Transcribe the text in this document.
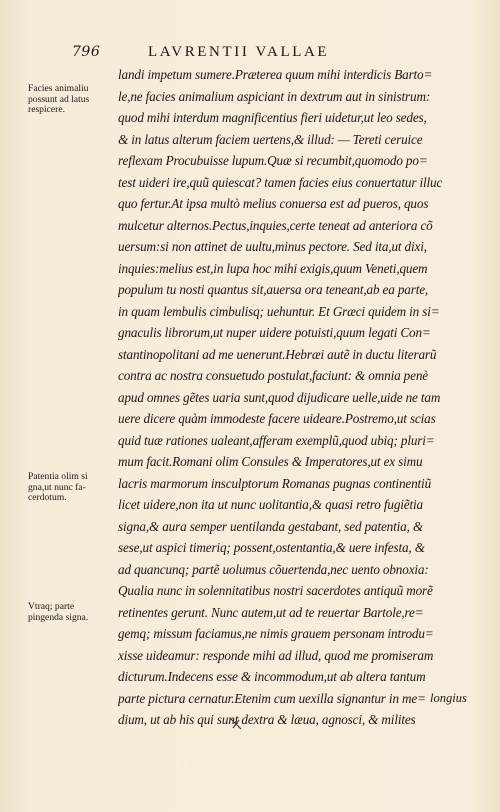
796	LAVRENTII VALLAE
Facies animaliu
possunt ad latus
respicere.
Patentia olim si
gna,ut nunc fa-
cerdotum.
Vtraq; parte
pingenda signa.
landi impetum sumere.Præterea quum mihi interdicis Barto=
le,ne facies animalium aspiciant in dextrum aut in sinistrum:
quod mihi interdum magnificentius fieri uidetur,ut leo sedes,
& in latus alterum faciem uertens,& illud: — Tereti ceruice
reflexam Procubuisse lupum.Quæ si recumbit,quomodo po=
test uideri ire,quũ quiescat? tamen facies eius conuertatur illuc
quo fertur.At ipsa multò melius conuersa est ad pueros, quos
mulcetur alternos.Pectus,inquies,certe teneat ad anteriora cõ
uersum:si non attinet de uultu,minus pectore. Sed ita,ut dixi,
inquies:melius est,in lupa hoc mihi exigis,quum Veneti,quem
populum tu nosti quantus sit,auersa ora teneant,ab ea parte,
in quam lembulis cimbulisq; uehuntur. Et Græci quidem in si=
gnaculis librorum,ut nuper uidere potuisti,quum legati Con=
stantinopolitani ad me uenerunt.Hebræi autẽ in ductu literarũ
contra ac nostra consuetudo postulat,faciunt: & omnia penè
apud omnes gẽtes uaria sunt,quod dijudicare uelle,uide ne tam
uere dicere quàm immodeste facere uideare.Postremo,ut scias
quid tuæ rationes ualeant,afferam exemplũ,quod ubiq; pluri=
mum facit.Romani olim Consules & Imperatores,ut ex simu
lacris marmorum insculptorum Romanas pugnas continentiũ
licet uidere,non ita ut nunc uolitantia,& quasi retro fugiẽtia
signa,& aura semper uentilanda gestabant, sed patentia, &
sese,ut aspici timeriq; possent,ostentantia,& uere infesta, &
ad quancunq; partẽ uolumus cõuertenda,nec uento obnoxia:
Qualia nunc in solennitatibus nostri sacerdotes antiquũ morẽ
retinentes gerunt. Nunc autem,ut ad te reuertar Bartole,re=
gemq; missum faciamus,ne nimis grauem personam introdu=
xisse uideamur: responde mihi ad illud, quod me promiseram
dicturum.Indecens esse & incommodum,ut ab altera tantum
parte pictura cernatur.Etenim cum uexilla signantur in me=
dium, ut ab his qui sunt dextra & læua, agnosci, & milites
longius
